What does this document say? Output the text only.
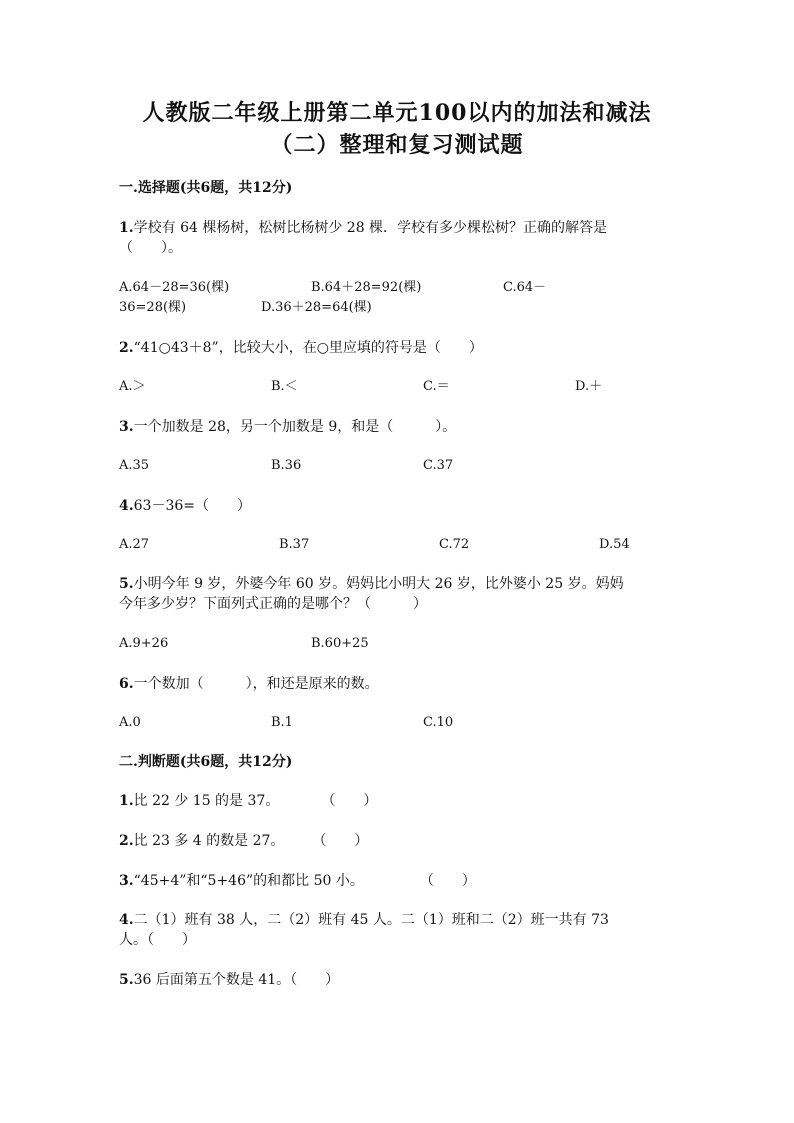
人教版二年级上册第二单元100以内的加法和减法
（二）整理和复习测试题
一.选择题(共6题，共12分)
1.学校有 64 棵杨树，松树比杨树少 28 棵．学校有多少棵松树？正确的解答是
（　　）。
A.64－28=36(棵)	B.64＋28=92(棵)	C.64－
36=28(棵)	D.36＋28=64(棵)
2.“41○43＋8”，比较大小，在○里应填的符号是（　　）
A.＞	B.＜	C.＝	D.＋
3.一个加数是 28，另一个加数是 9，和是（　　　）。
A.35	B.36	C.37
4.63－36=（　　）
A.27	B.37	C.72	D.54
5.小明今年 9 岁，外婆今年 60 岁。妈妈比小明大 26 岁，比外婆小 25 岁。妈妈
今年多少岁？下面列式正确的是哪个？（　　　）
A.9+26	B.60+25
6.一个数加（　　　），和还是原来的数。
A.0	B.1	C.10
二.判断题(共6题，共12分)
1.比 22 少 15 的是 37。　　　　（　　）
2.比 23 多 4 的数是 27。　　　（　　）
3.“45+4”和“5+46”的和都比 50 小。　　　　　（　　）
4.二（1）班有 38 人，二（2）班有 45 人。二（1）班和二（2）班一共有 73
人。（　　）
5.36 后面第五个数是 41。（　　）
